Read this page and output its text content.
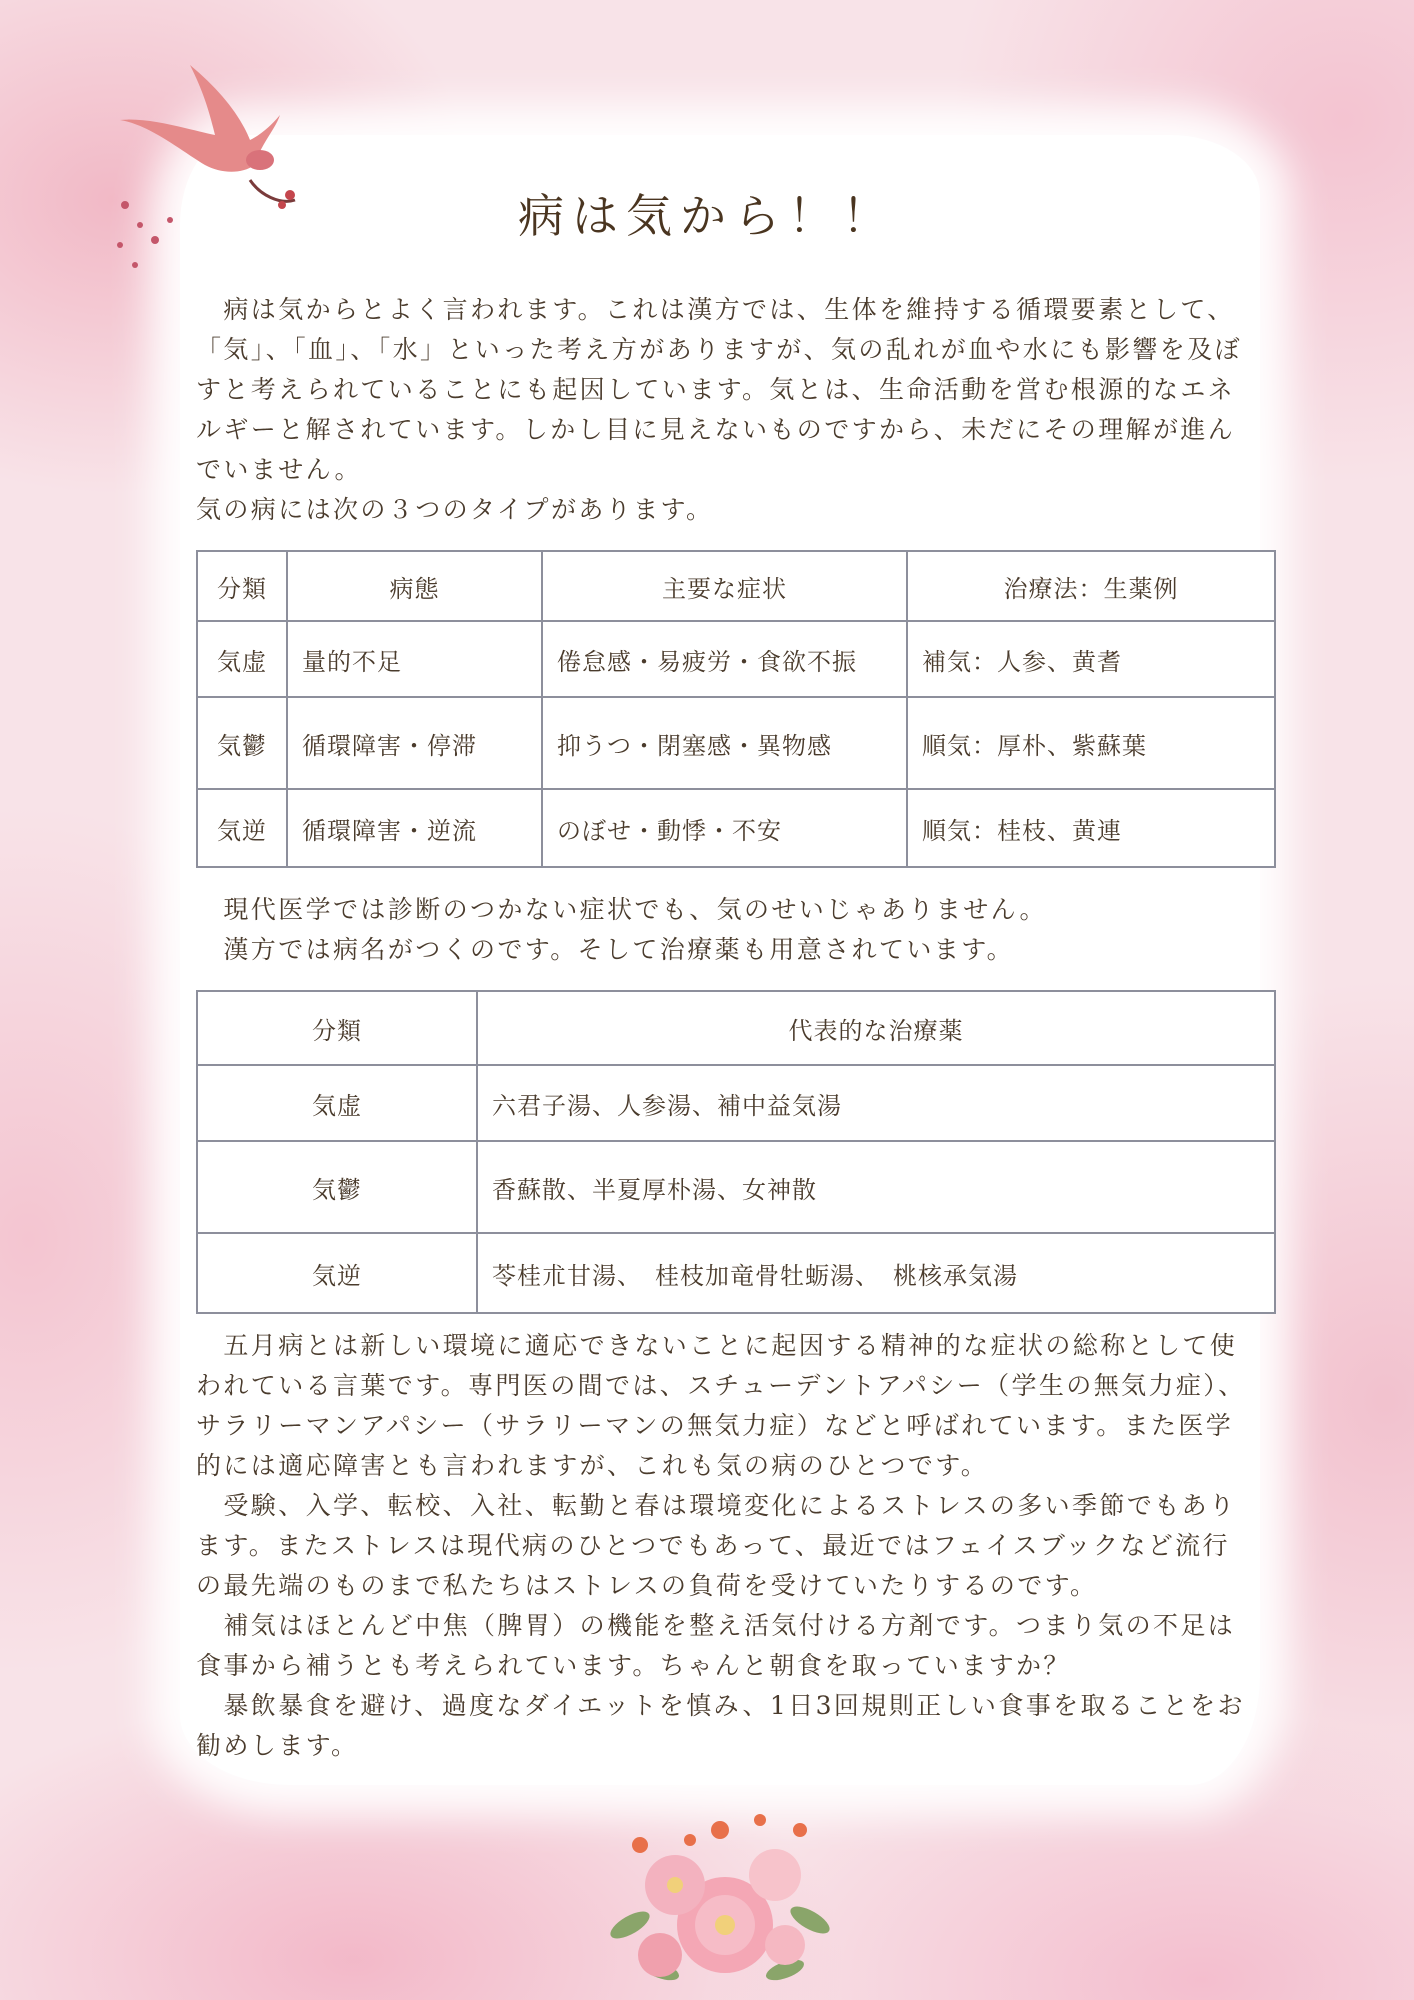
病は気から！！

　病は気からとよく言われます。これは漢方では、生体を維持する循環要素として、「気」、「血」、「水」といった考え方がありますが、気の乱れが血や水にも影響を及ぼすと考えられていることにも起因しています。気とは、生命活動を営む根源的なエネルギーと解されています。しかし目に見えないものですから、未だにその理解が進んでいません。

気の病には次の３つのタイプがあります。

分類	病態	主要な症状	治療法：生薬例
気虚	量的不足	倦怠感・易疲労・食欲不振	補気：人参、黄耆
気鬱	循環障害・停滞	抑うつ・閉塞感・異物感	順気：厚朴、紫蘇葉
気逆	循環障害・逆流	のぼせ・動悸・不安	順気：桂枝、黄連

　現代医学では診断のつかない症状でも、気のせいじゃありません。

　漢方では病名がつくのです。そして治療薬も用意されています。

分類	代表的な治療薬
気虚	六君子湯、人参湯、補中益気湯
気鬱	香蘇散、半夏厚朴湯、女神散
気逆	苓桂朮甘湯、　桂枝加竜骨牡蛎湯、　桃核承気湯

　五月病とは新しい環境に適応できないことに起因する精神的な症状の総称として使われている言葉です。専門医の間では、スチューデントアパシー（学生の無気力症）、サラリーマンアパシー（サラリーマンの無気力症）などと呼ばれています。また医学的には適応障害とも言われますが、これも気の病のひとつです。

　受験、入学、転校、入社、転勤と春は環境変化によるストレスの多い季節でもあります。またストレスは現代病のひとつでもあって、最近ではフェイスブックなど流行の最先端のものまで私たちはストレスの負荷を受けていたりするのです。

　補気はほとんど中焦（脾胃）の機能を整え活気付ける方剤です。つまり気の不足は食事から補うとも考えられています。ちゃんと朝食を取っていますか？

　暴飲暴食を避け、過度なダイエットを慎み、1日3回規則正しい食事を取ることをお勧めします。
